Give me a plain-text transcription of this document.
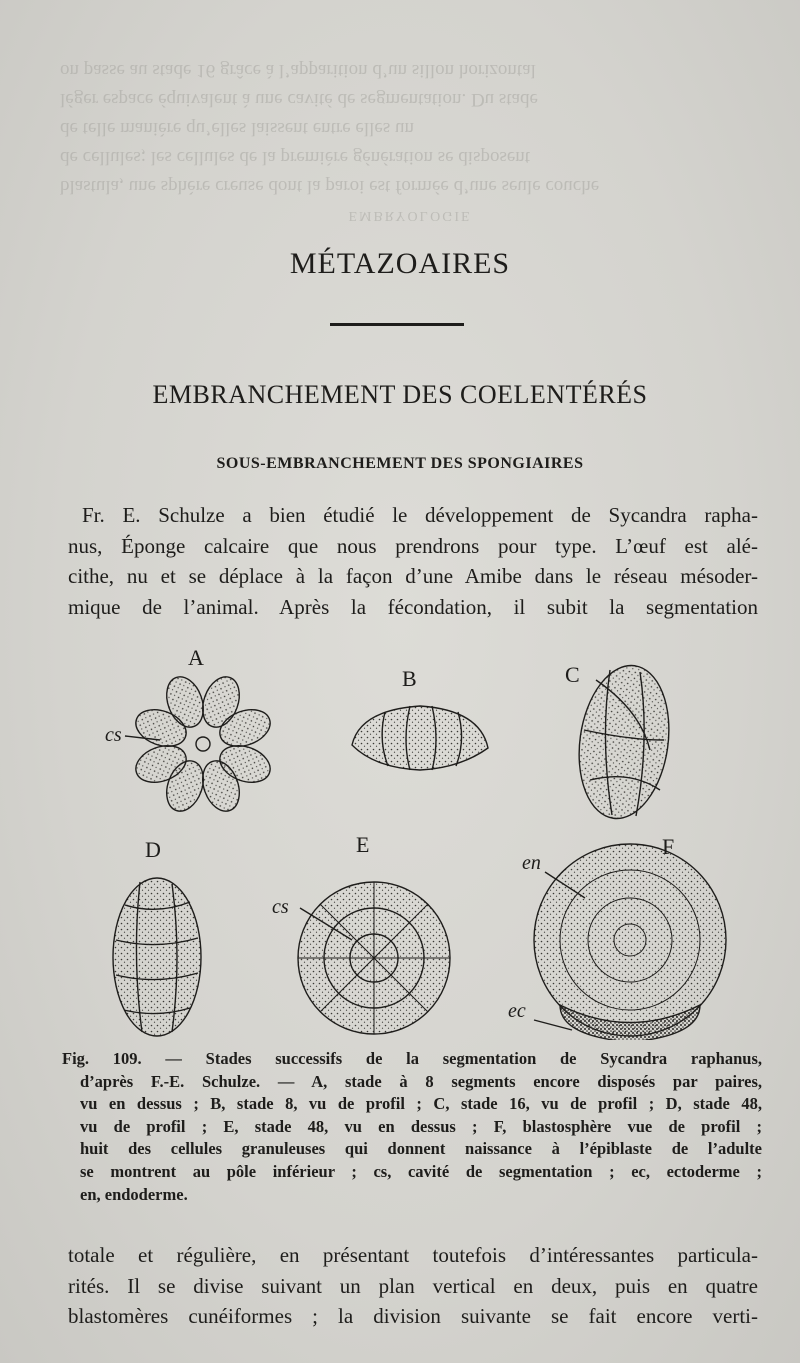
EMBRYOLOGIE
blastula, une sphère creuse dont la paroi est formée d’une seule couche
de cellules; les cellules de la première génération se disposent
de telle manière qu’elles laissent entre elles un
léger espace équivalent à une cavité de segmentation. Du stade
on passe au stade 16 grâce à l’apparition d’un sillon horizontal
MÉTAZOAIRES
EMBRANCHEMENT DES COELENTÉRÉS
SOUS-EMBRANCHEMENT DES SPONGIAIRES
Fr. E. Schulze a bien étudié le développement de Sycandra rapha-
nus, Éponge calcaire que nous prendrons pour type. L’œuf est alé-
cithe, nu et se déplace à la façon d’une Amibe dans le réseau mésoder-
mique de l’animal. Après la fécondation, il subit la segmentation
A
B	C
D	E	F
cs
cs
en
ec
Fig. 109. — Stades successifs de la segmentation de Sycandra raphanus,
d’après F.-E. Schulze. — A, stade à 8 segments encore disposés par paires,
vu en dessus ; B, stade 8, vu de profil ; C, stade 16, vu de profil ; D, stade 48,
vu de profil ; E, stade 48, vu en dessus ; F, blastosphère vue de profil ;
huit des cellules granuleuses qui donnent naissance à l’épiblaste de l’adulte
se montrent au pôle inférieur ; cs, cavité de segmentation ; ec, ectoderme ;
en, endoderme.
totale et régulière, en présentant toutefois d’intéressantes particula-
rités. Il se divise suivant un plan vertical en deux, puis en quatre
blastomères cunéiformes ; la division suivante se fait encore verti-
